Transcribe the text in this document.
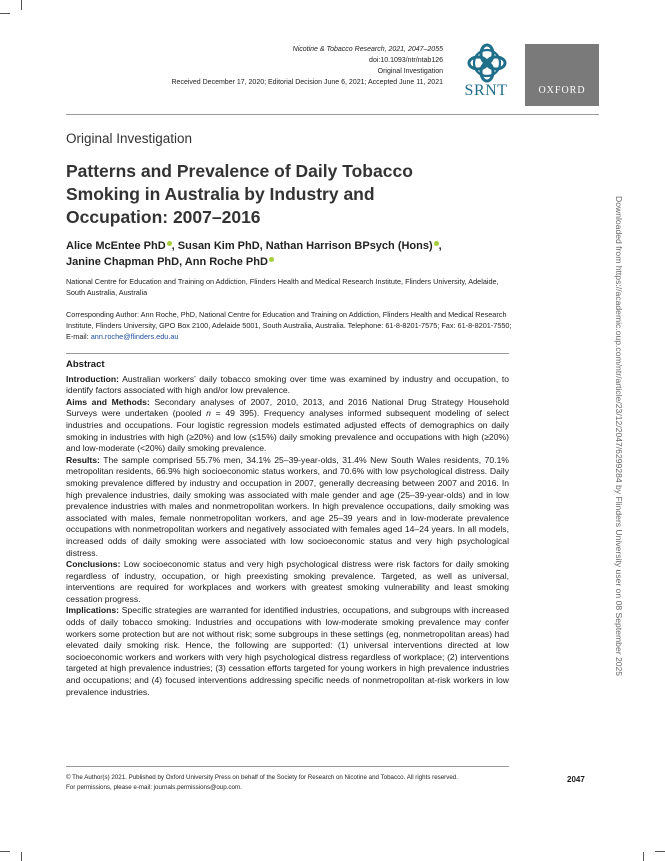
Nicotine & Tobacco Research, 2021, 2047–2055
doi:10.1093/ntr/ntab126
Original Investigation
Received December 17, 2020; Editorial Decision June 6, 2021; Accepted June 11, 2021	SRNT	OXFORD
Original Investigation
Patterns and Prevalence of Daily Tobacco Smoking in Australia by Industry and Occupation: 2007–2016
Alice McEntee PhD , Susan Kim PhD, Nathan Harrison BPsych (Hons) ,
Janine Chapman PhD, Ann Roche PhD
National Centre for Education and Training on Addiction, Flinders Health and Medical Research Institute, Flinders University, Adelaide, South Australia, Australia
Corresponding Author: Ann Roche, PhD, National Centre for Education and Training on Addiction, Flinders Health and Medical Research Institute, Flinders University, GPO Box 2100, Adelaide 5001, South Australia, Australia. Telephone: 61-8-8201-7575; Fax: 61-8-8201-7550; E-mail: ann.roche@flinders.edu.au
Abstract

Introduction: Australian workers’ daily tobacco smoking over time was examined by industry and occupation, to identify factors associated with high and/or low prevalence.

Aims and Methods: Secondary analyses of 2007, 2010, 2013, and 2016 National Drug Strategy Household Surveys were undertaken (pooled n = 49 395). Frequency analyses informed subsequent modeling of select industries and occupations. Four logistic regression models estimated adjusted effects of demographics on daily smoking in industries with high (≥20%) and low (≤15%) daily smoking prevalence and occupations with high (≥20%) and low-moderate (<20%) daily smoking prevalence.

Results: The sample comprised 55.7% men, 34.1% 25–39-year-olds, 31.4% New South Wales residents, 70.1% metropolitan residents, 66.9% high socioeconomic status workers, and 70.6% with low psychological distress. Daily smoking prevalence differed by industry and occupation in 2007, generally decreasing between 2007 and 2016. In high prevalence industries, daily smoking was associated with male gender and age (25–39-year-olds) and in low prevalence industries with males and nonmetropolitan workers. In high prevalence occupations, daily smoking was associated with males, female nonmetropolitan workers, and age 25–39 years and in low-moderate prevalence occupations with nonmetropolitan workers and negatively associated with females aged 14–24 years. In all models, increased odds of daily smoking were associated with low socioeconomic status and very high psychological distress.

Conclusions: Low socioeconomic status and very high psychological distress were risk factors for daily smoking regardless of industry, occupation, or high preexisting smoking prevalence. Targeted, as well as universal, interventions are required for workplaces and workers with greatest smoking vulnerability and least smoking cessation progress.

Implications: Specific strategies are warranted for identified industries, occupations, and subgroups with increased odds of daily tobacco smoking. Industries and occupations with low-moderate smoking prevalence may confer workers some protection but are not without risk; some subgroups in these settings (eg, nonmetropolitan areas) had elevated daily smoking risk. Hence, the following are supported: (1) universal interventions directed at low socioeconomic workers and workers with very high psychological distress regardless of workplace; (2) interventions targeted at high prevalence industries; (3) cessation efforts targeted for young workers in high prevalence industries and occupations; and (4) focused interventions addressing specific needs of nonmetropolitan at-risk workers in low prevalence industries.

© The Author(s) 2021. Published by Oxford University Press on behalf of the Society for Research on Nicotine and Tobacco. All rights reserved.
For permissions, please e-mail: journals.permissions@oup.com.
2047
Downloaded from https://academic.oup.com/ntr/article/23/12/2047/6299284 by Flinders University user on 08 September 2025
